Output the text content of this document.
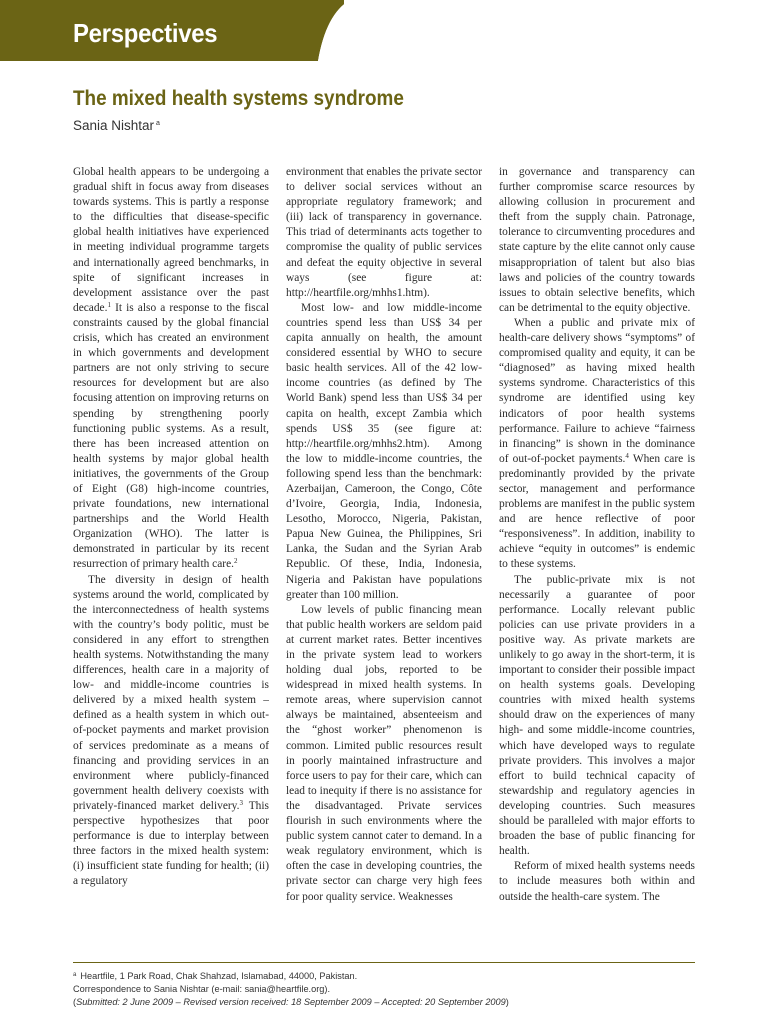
Perspectives
The mixed health systems syndrome
Sania Nishtar $^a$

Global health appears to be undergoing a gradual shift in focus away from diseases towards systems. This is partly a response to the difficulties that disease-specific global health initiatives have experienced in meeting individual programme targets and internationally agreed benchmarks, in spite of significant increases in development assistance over the past decade.$^1$ It is also a response to the fiscal constraints caused by the global financial crisis, which has created an environment in which governments and development partners are not only striving to secure resources for development but are also focusing attention on improving returns on spending by strengthening poorly functioning public systems. As a result, there has been increased attention on health systems by major global health initiatives, the governments of the Group of Eight (G8) high-income countries, private foundations, new international partnerships and the World Health Organization (WHO). The latter is demonstrated in particular by its recent resurrection of primary health care.$^2$

The diversity in design of health systems around the world, complicated by the interconnectedness of health systems with the country’s body politic, must be considered in any effort to strengthen health systems. Notwithstanding the many differences, health care in a majority of low- and middle-income countries is delivered by a mixed health system – defined as a health system in which out-of-pocket payments and market provision of services predominate as a means of financing and providing services in an environment where publicly-financed government health delivery coexists with privately-financed market delivery.$^3$ This perspective hypothesizes that poor performance is due to interplay between three factors in the mixed health system: (i) insufficient state funding for health; (ii) a regulatory

environment that enables the private sector to deliver social services without an appropriate regulatory framework; and (iii) lack of transparency in governance. This triad of determinants acts together to compromise the quality of public services and defeat the equity objective in several ways (see figure at: http://heartfile.org/mhhs1.htm).

Most low- and low middle-income countries spend less than US$ 34 per capita annually on health, the amount considered essential by WHO to secure basic health services. All of the 42 low-income countries (as defined by The World Bank) spend less than US$ 34 per capita on health, except Zambia which spends US$ 35 (see figure at: http://heartfile.org/mhhs2.htm). Among the low to middle-income countries, the following spend less than the benchmark: Azerbaijan, Cameroon, the Congo, Côte d’Ivoire, Georgia, India, Indonesia, Lesotho, Morocco, Nigeria, Pakistan, Papua New Guinea, the Philippines, Sri Lanka, the Sudan and the Syrian Arab Republic. Of these, India, Indonesia, Nigeria and Pakistan have populations greater than 100 million.

Low levels of public financing mean that public health workers are seldom paid at current market rates. Better incentives in the private system lead to workers holding dual jobs, reported to be widespread in mixed health systems. In remote areas, where supervision cannot always be maintained, absenteeism and the “ghost worker” phenomenon is common. Limited public resources result in poorly maintained infrastructure and force users to pay for their care, which can lead to inequity if there is no assistance for the disadvantaged. Private services flourish in such environments where the public system cannot cater to demand. In a weak regulatory environment, which is often the case in developing countries, the private sector can charge very high fees for poor quality service. Weaknesses

in governance and transparency can further compromise scarce resources by allowing collusion in procurement and theft from the supply chain. Patronage, tolerance to circumventing procedures and state capture by the elite cannot only cause misappropriation of talent but also bias laws and policies of the country towards issues to obtain selective benefits, which can be detrimental to the equity objective.

When a public and private mix of health-care delivery shows “symptoms” of compromised quality and equity, it can be “diagnosed” as having mixed health systems syndrome. Characteristics of this syndrome are identified using key indicators of poor health systems performance. Failure to achieve “fairness in financing” is shown in the dominance of out-of-pocket payments.$^4$ When care is predominantly provided by the private sector, management and performance problems are manifest in the public system and are hence reflective of poor “responsiveness”. In addition, inability to achieve “equity in outcomes” is endemic to these systems.

The public-private mix is not necessarily a guarantee of poor performance. Locally relevant public policies can use private providers in a positive way. As private markets are unlikely to go away in the short-term, it is important to consider their possible impact on health systems goals. Developing countries with mixed health systems should draw on the experiences of many high- and some middle-income countries, which have developed ways to regulate private providers. This involves a major effort to build technical capacity of stewardship and regulatory agencies in developing countries. Such measures should be paralleled with major efforts to broaden the base of public financing for health.

Reform of mixed health systems needs to include measures both within and outside the health-care system. The

$^a$ Heartfile, 1 Park Road, Chak Shahzad, Islamabad, 44000, Pakistan.
Correspondence to Sania Nishtar (e-mail: sania@heartfile.org).
(Submitted: 2 June 2009 – Revised version received: 18 September 2009 – Accepted: 20 September 2009)
